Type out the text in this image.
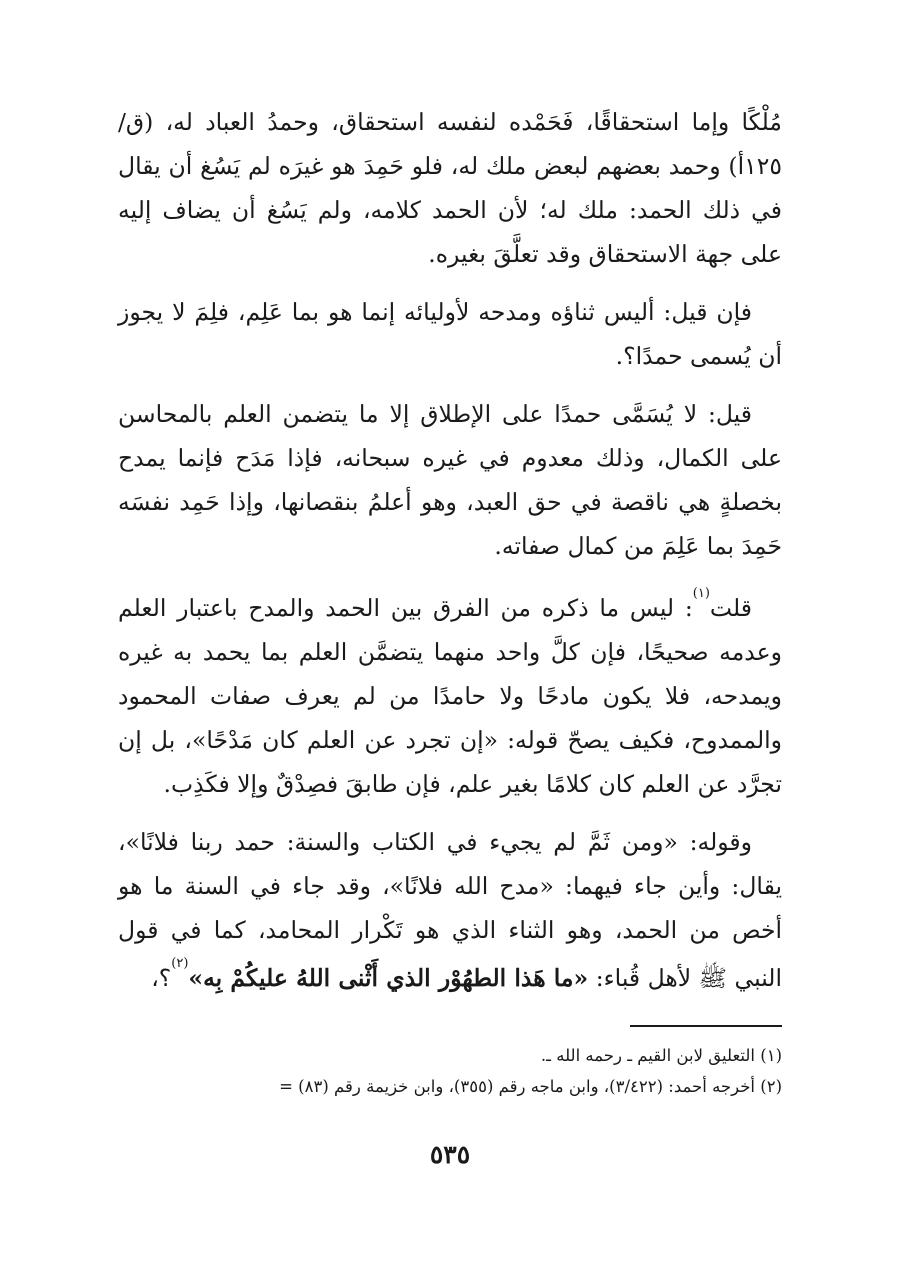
مُلْكًا وإما استحقاقًا، فَحَمْده لنفسه استحقاق، وحمدُ العباد له، (ق/١٢٥أ) وحمد بعضهم لبعض ملك له، فلو حَمِدَ هو غيرَه لم يَسُغ أن يقال في ذلك الحمد: ملك له؛ لأن الحمد كلامه، ولم يَسُغ أن يضاف إليه على جهة الاستحقاق وقد تعلَّقَ بغيره.

فإن قيل: أليس ثناؤه ومدحه لأوليائه إنما هو بما عَلِم، فلِمَ لا يجوز أن يُسمى حمدًا؟.

قيل: لا يُسَمَّى حمدًا على الإطلاق إلا ما يتضمن العلم بالمحاسن على الكمال، وذلك معدوم في غيره سبحانه، فإذا مَدَح فإنما يمدح بخصلةٍ هي ناقصة في حق العبد، وهو أعلمُ بنقصانها، وإذا حَمِد نفسَه حَمِدَ بما عَلِمَ من كمال صفاته.

قلت$^{(١)}$: ليس ما ذكره من الفرق بين الحمد والمدح باعتبار العلم وعدمه صحيحًا، فإن كلَّ واحد منهما يتضمَّن العلم بما يحمد به غيره ويمدحه، فلا يكون مادحًا ولا حامدًا من لم يعرف صفات المحمود والممدوح، فكيف يصحّ قوله: «إن تجرد عن العلم كان مَدْحًا»، بل إن تجرَّد عن العلم كان كلامًا بغير علم، فإن طابقَ فصِدْقٌ وإلا فكَذِب.

وقوله: «ومن ثَمَّ لم يجيء في الكتاب والسنة: حمد ربنا فلانًا»، يقال: وأين جاء فيهما: «مدح الله فلانًا»، وقد جاء في السنة ما هو أخص من الحمد، وهو الثناء الذي هو تَكْرار المحامد، كما في قول النبي ﷺ لأهل قُباء: «ما هَذا الطهُوْر الذي أَثْنى اللهُ عليكُمْ بِه»$^{(٢)}$؟،

(١) التعليق لابن القيم ـ رحمه الله ـ.

(٢) أخرجه أحمد: (٣/٤٢٢)، وابن ماجه رقم (٣٥٥)، وابن خزيمة رقم (٨٣) =

٥٣٥
